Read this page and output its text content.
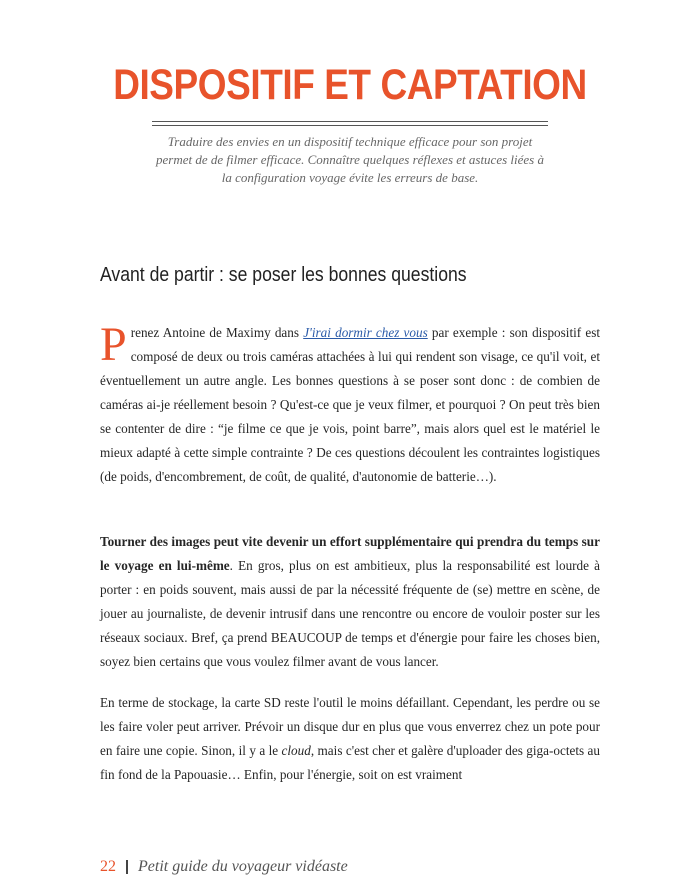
DISPOSITIF ET CAPTATION

Traduire des envies en un dispositif technique efficace pour son projet permet de de filmer efficace. Connaître quelques réflexes et astuces liées à la configuration voyage évite les erreurs de base.

Avant de partir : se poser les bonnes questions

Prenez Antoine de Maximy dans J'irai dormir chez vous par exemple : son dispositif est composé de deux ou trois caméras attachées à lui qui rendent son visage, ce qu'il voit, et éventuellement un autre angle. Les bonnes questions à se poser sont donc : de combien de caméras ai-je réellement besoin ? Qu'est-ce que je veux filmer, et pourquoi ? On peut très bien se contenter de dire : “je filme ce que je vois, point barre”, mais alors quel est le matériel le mieux adapté à cette simple contrainte ? De ces questions découlent les contraintes logistiques (de poids, d'encombrement, de coût, de qualité, d'autonomie de batterie…).

Tourner des images peut vite devenir un effort supplémentaire qui prendra du temps sur le voyage en lui-même. En gros, plus on est ambitieux, plus la responsabilité est lourde à porter : en poids souvent, mais aussi de par la nécessité fréquente de (se) mettre en scène, de jouer au journaliste, de devenir intrusif dans une rencontre ou encore de vouloir poster sur les réseaux sociaux. Bref, ça prend BEAUCOUP de temps et d'énergie pour faire les choses bien, soyez bien certains que vous voulez filmer avant de vous lancer.

En terme de stockage, la carte SD reste l'outil le moins défaillant. Cependant, les perdre ou se les faire voler peut arriver. Prévoir un disque dur en plus que vous enverrez chez un pote pour en faire une copie. Sinon, il y a le cloud, mais c'est cher et galère d'uploader des giga-octets au fin fond de la Papouasie… Enfin, pour l'énergie, soit on est vraiment

22 Petit guide du voyageur vidéaste
